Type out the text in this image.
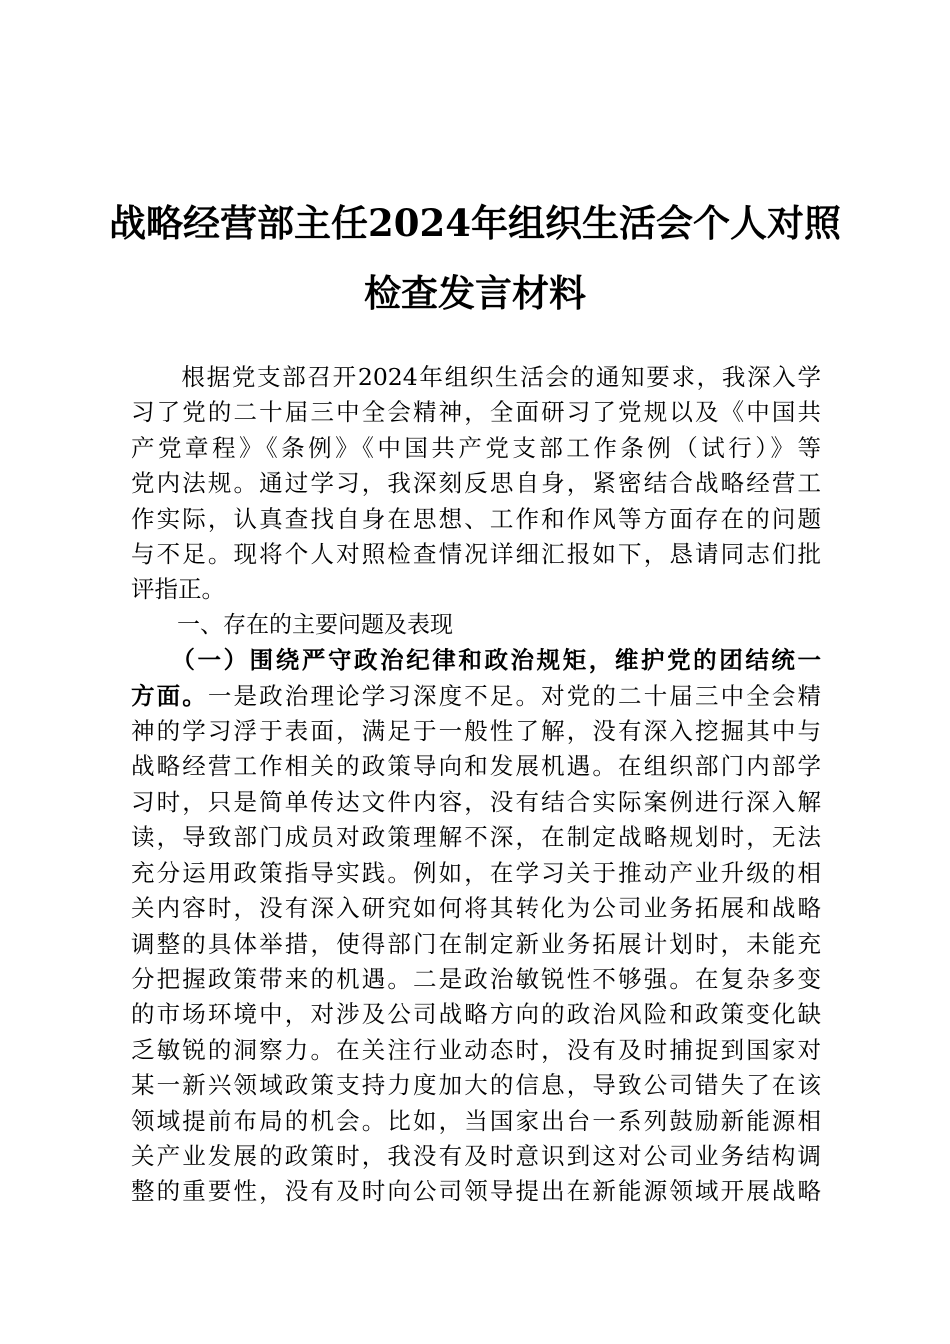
战略经营部主任2024年组织生活会个人对照
检查发言材料
　　根据党支部召开2024年组织生活会的通知要求，我深入学
习了党的二十届三中全会精神，全面研习了党规以及《中国共
产党章程》《条例》《中国共产党支部工作条例（试行）》等
党内法规。通过学习，我深刻反思自身，紧密结合战略经营工
作实际，认真查找自身在思想、工作和作风等方面存在的问题
与不足。现将个人对照检查情况详细汇报如下，恳请同志们批
评指正。
　　一、存在的主要问题及表现
　　（一）围绕严守政治纪律和政治规矩，维护党的团结统一
方面。一是政治理论学习深度不足。对党的二十届三中全会精
神的学习浮于表面，满足于一般性了解，没有深入挖掘其中与
战略经营工作相关的政策导向和发展机遇。在组织部门内部学
习时，只是简单传达文件内容，没有结合实际案例进行深入解
读，导致部门成员对政策理解不深，在制定战略规划时，无法
充分运用政策指导实践。例如，在学习关于推动产业升级的相
关内容时，没有深入研究如何将其转化为公司业务拓展和战略
调整的具体举措，使得部门在制定新业务拓展计划时，未能充
分把握政策带来的机遇。二是政治敏锐性不够强。在复杂多变
的市场环境中，对涉及公司战略方向的政治风险和政策变化缺
乏敏锐的洞察力。在关注行业动态时，没有及时捕捉到国家对
某一新兴领域政策支持力度加大的信息，导致公司错失了在该
领域提前布局的机会。比如，当国家出台一系列鼓励新能源相
关产业发展的政策时，我没有及时意识到这对公司业务结构调
整的重要性，没有及时向公司领导提出在新能源领域开展战略
